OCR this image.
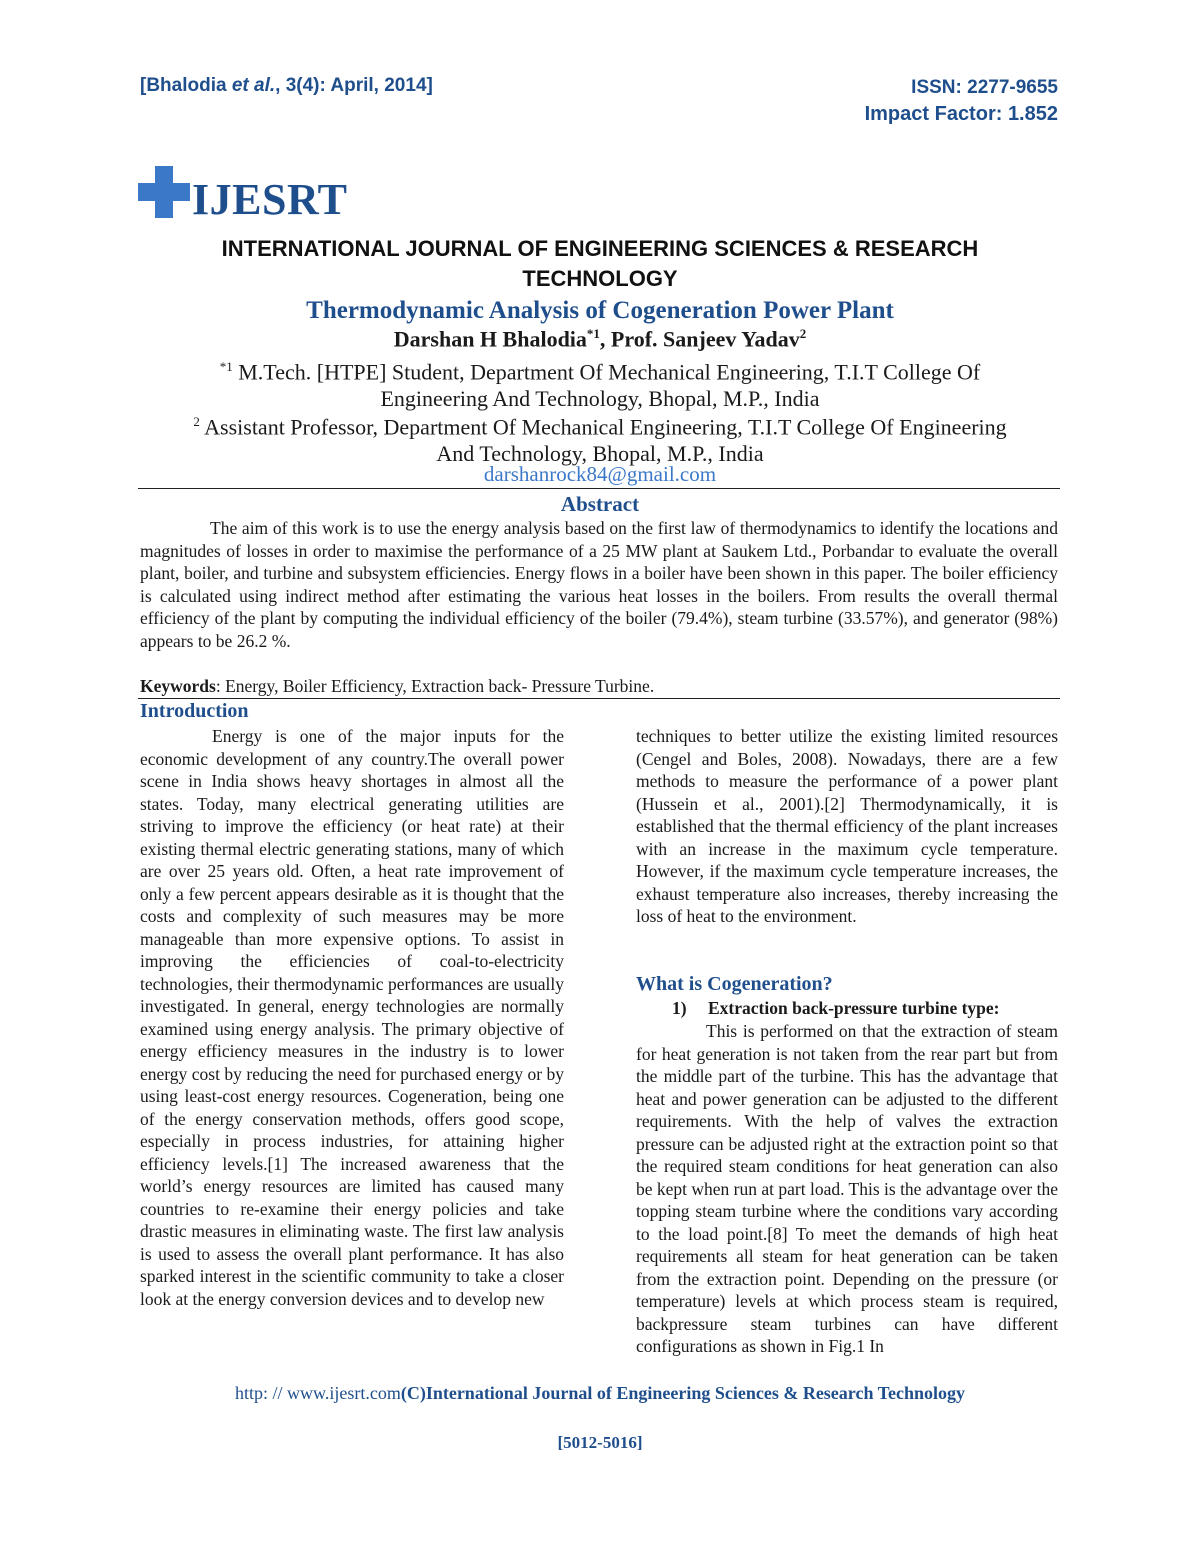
[Bhalodia et al., 3(4): April, 2014]	ISSN: 2277-9655
Impact Factor: 1.852
IJESRT
INTERNATIONAL JOURNAL OF ENGINEERING SCIENCES & RESEARCH
TECHNOLOGY
Thermodynamic Analysis of Cogeneration Power Plant
Darshan H Bhalodia$^{*1}$, Prof. Sanjeev Yadav$^2$
$^{*1}$ M.Tech. [HTPE] Student, Department Of Mechanical Engineering, T.I.T College Of
Engineering And Technology, Bhopal, M.P., India
$^2$ Assistant Professor, Department Of Mechanical Engineering, T.I.T College Of Engineering
And Technology, Bhopal, M.P., India
darshanrock84@gmail.com
Abstract
The aim of this work is to use the energy analysis based on the first law of thermodynamics to identify the locations and magnitudes of losses in order to maximise the performance of a 25 MW plant at Saukem Ltd., Porbandar to evaluate the overall plant, boiler, and turbine and subsystem efficiencies. Energy flows in a boiler have been shown in this paper. The boiler efficiency is calculated using indirect method after estimating the various heat losses in the boilers. From results the overall thermal efficiency of the plant by computing the individual efficiency of the boiler (79.4%), steam turbine (33.57%), and generator (98%) appears to be 26.2 %.
Keywords: Energy, Boiler Efficiency, Extraction back- Pressure Turbine.
Introduction
Energy is one of the major inputs for the economic development of any country.The overall power scene in India shows heavy shortages in almost all the states. Today, many electrical generating utilities are striving to improve the efficiency (or heat rate) at their existing thermal electric generating stations, many of which are over 25 years old. Often, a heat rate improvement of only a few percent appears desirable as it is thought that the costs and complexity of such measures may be more manageable than more expensive options. To assist in improving the efficiencies of coal-to-electricity technologies, their thermodynamic performances are usually investigated. In general, energy technologies are normally examined using energy analysis. The primary objective of energy efficiency measures in the industry is to lower energy cost by reducing the need for purchased energy or by using least-cost energy resources. Cogeneration, being one of the energy conservation methods, offers good scope, especially in process industries, for attaining higher efficiency levels.[1] The increased awareness that the world’s energy resources are limited has caused many countries to re-examine their energy policies and take drastic measures in eliminating waste. The first law analysis is used to assess the overall plant performance. It has also sparked interest in the scientific community to take a closer look at the energy conversion devices and to develop new
techniques to better utilize the existing limited resources (Cengel and Boles, 2008). Nowadays, there are a few methods to measure the performance of a power plant (Hussein et al., 2001).[2] Thermodynamically, it is established that the thermal efficiency of the plant increases with an increase in the maximum cycle temperature. However, if the maximum cycle temperature increases, the exhaust temperature also increases, thereby increasing the loss of heat to the environment.
What is Cogeneration?
1) Extraction back-pressure turbine type:
This is performed on that the extraction of steam for heat generation is not taken from the rear part but from the middle part of the turbine. This has the advantage that heat and power generation can be adjusted to the different requirements. With the help of valves the extraction pressure can be adjusted right at the extraction point so that the required steam conditions for heat generation can also be kept when run at part load. This is the advantage over the topping steam turbine where the conditions vary according to the load point.[8] To meet the demands of high heat requirements all steam for heat generation can be taken from the extraction point. Depending on the pressure (or temperature) levels at which process steam is required, backpressure steam turbines can have different configurations as shown in Fig.1 In
http: // www.ijesrt.com(C)International Journal of Engineering Sciences & Research Technology
[5012-5016]
